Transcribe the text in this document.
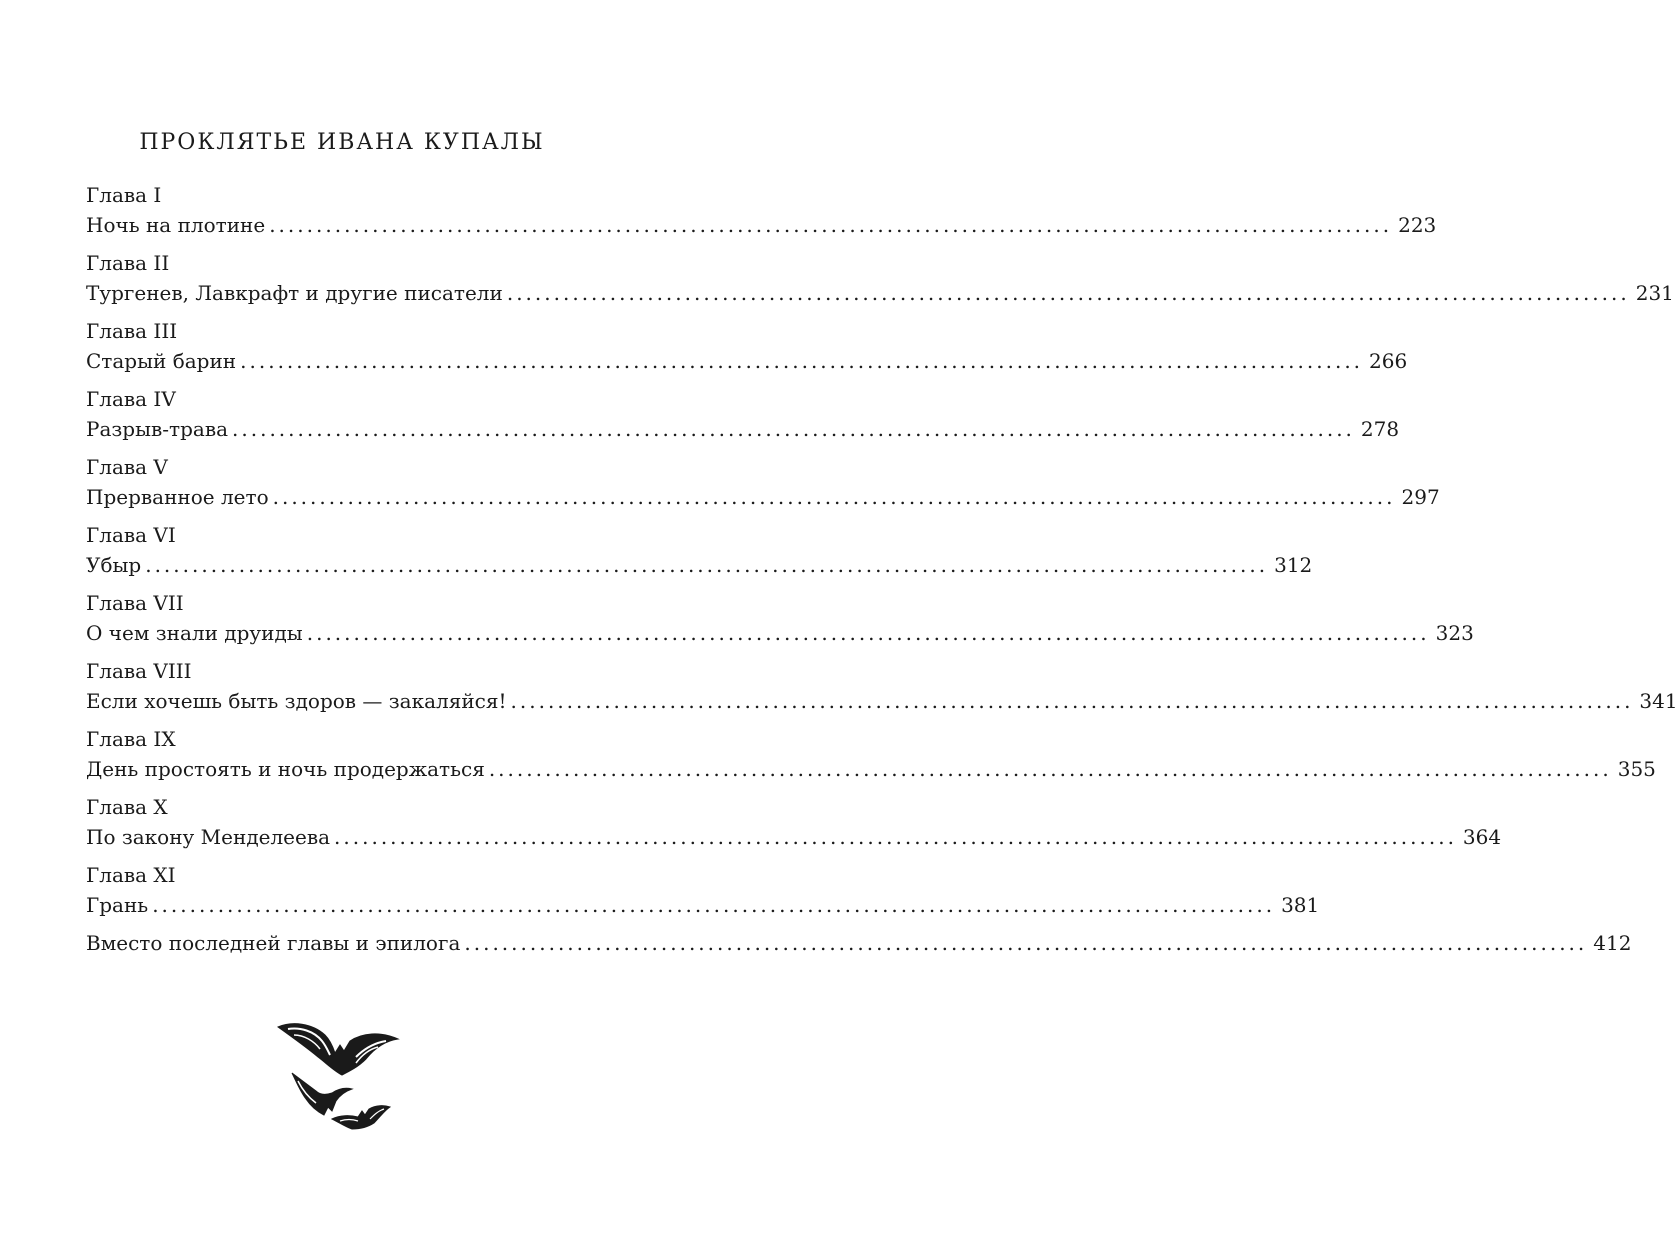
ПРОКЛЯТЬЕ ИВАНА КУПАЛЫ
Глава I
Ночь на плотине ........................................................................................................................ 223
Глава II
Тургенев, Лавкрафт и другие писатели ........................................................................................................................ 231
Глава III
Старый барин ........................................................................................................................ 266
Глава IV
Разрыв-трава ........................................................................................................................ 278
Глава V
Прерванное лето ........................................................................................................................ 297
Глава VI
Убыр ........................................................................................................................ 312
Глава VII
О чем знали друиды ........................................................................................................................ 323
Глава VIII
Если хочешь быть здоров — закаляйся! ........................................................................................................................ 341
Глава IX
День простоять и ночь продержаться ........................................................................................................................ 355
Глава X
По закону Менделеева ........................................................................................................................ 364
Глава XI
Грань ........................................................................................................................ 381
Вместо последней главы и эпилога ........................................................................................................................ 412
